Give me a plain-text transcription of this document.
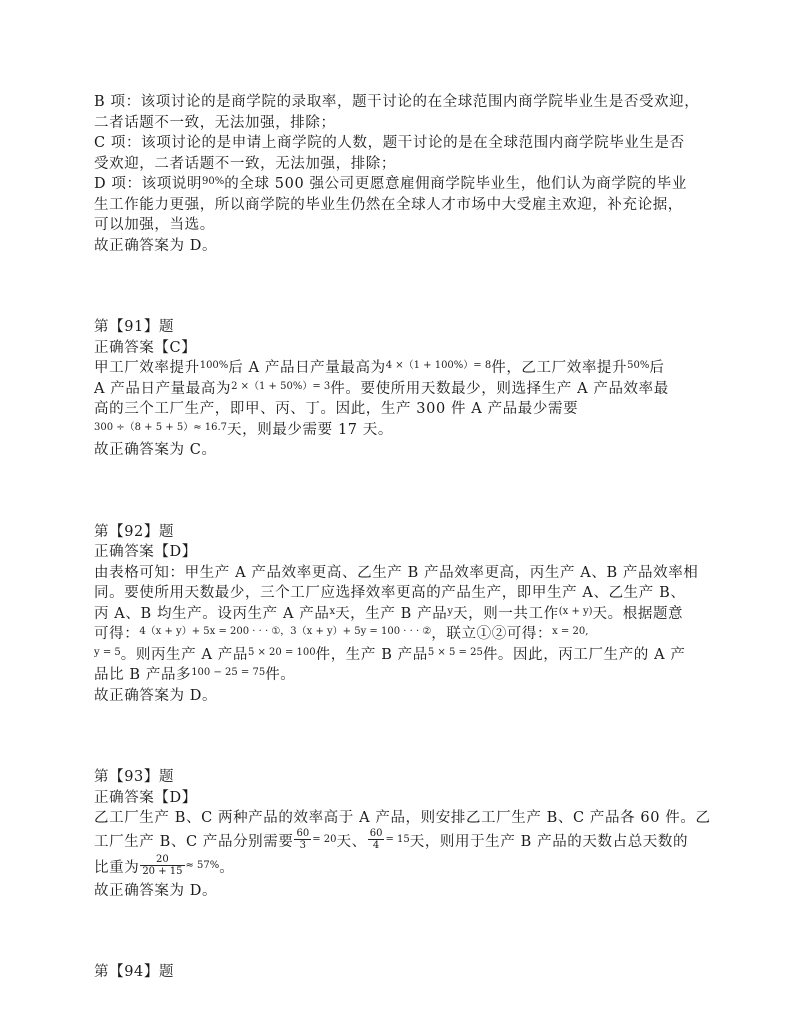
B 项：该项讨论的是商学院的录取率，题干讨论的在全球范围内商学院毕业生是否受欢迎，
二者话题不一致，无法加强，排除；
C 项：该项讨论的是申请上商学院的人数，题干讨论的是在全球范围内商学院毕业生是否
受欢迎，二者话题不一致，无法加强，排除；
D 项：该项说明$^{90\%}$的全球 500 强公司更愿意雇佣商学院毕业生，他们认为商学院的毕业
生工作能力更强，所以商学院的毕业生仍然在全球人才市场中大受雇主欢迎，补充论据，
可以加强，当选。
故正确答案为 D。
第【91】题
正确答案【C】
甲工厂效率提升$^{100\%}$后 A 产品日产量最高为$^{4 \times(1 + 100\%)= 8}$件，乙工厂效率提升$^{50\%}$后
A 产品日产量最高为$^{2 \times(1 + 50\%)= 3}$件。要使所用天数最少，则选择生产 A 产品效率最
高的三个工厂生产，即甲、丙、丁。因此，生产 300 件 A 产品最少需要
$^{300 \div(8 + 5 + 5)\approx 16.7}$天，则最少需要 17 天。
故正确答案为 C。
第【92】题
正确答案【D】
由表格可知：甲生产 A 产品效率更高、乙生产 B 产品效率更高，丙生产 A、B 产品效率相
同。要使所用天数最少，三个工厂应选择效率更高的产品生产，即甲生产 A、乙生产 B、
丙 A、B 均生产。设丙生产 A 产品$^x$天，生产 B 产品$^y$天，则一共工作$^{(x + y)}$天。根据题意
可得：$^{4(x + y)+ 5x = 200 \cdot \cdot \cdot ①,3(x + y)+ 5y = 100 \cdot \cdot \cdot ②}$，联立①②可得：$^{x = 20,}$
$^{y = 5}$。则丙生产 A 产品$^{5 \times 20 = 100}$件，生产 B 产品$^{5 \times 5 = 25}$件。因此，丙工厂生产的 A 产
品比 B 产品多$^{100 - 25 = 75}$件。
故正确答案为 D。
第【93】题
正确答案【D】
乙工厂生产 B、C 两种产品的效率高于 A 产品，则安排乙工厂生产 B、C 产品各 60 件。乙
工厂生产 B、C 产品分别需要 $\frac{60}{3} ^{= 20}$天、 $\frac{60}{4} ^{= 15}$天，则用于生产 B 产品的天数占总天数的
比重为 $\frac{20}{20 + 15} ^{\approx 57\%}$。
故正确答案为 D。
第【94】题
